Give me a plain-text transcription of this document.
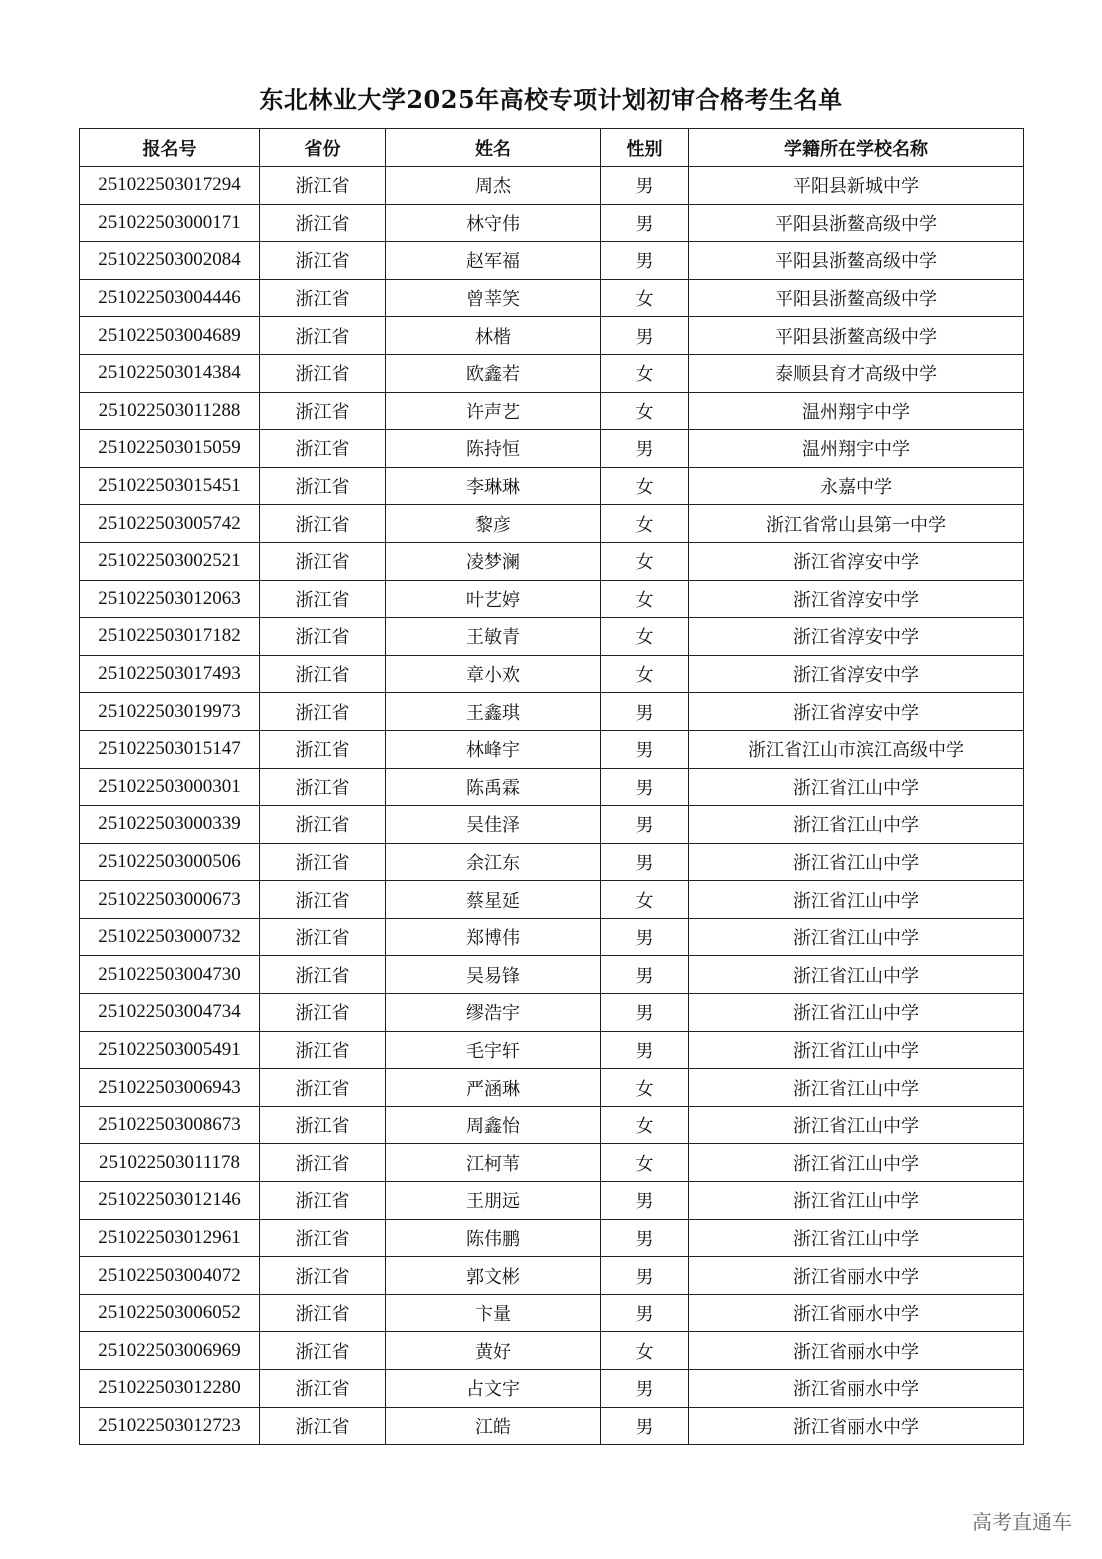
东北林业大学2025年高校专项计划初审合格考生名单
报名号	省份	姓名	性别	学籍所在学校名称
251022503017294	浙江省	周杰	男	平阳县新城中学
251022503000171	浙江省	林守伟	男	平阳县浙鳌高级中学
251022503002084	浙江省	赵军福	男	平阳县浙鳌高级中学
251022503004446	浙江省	曾莘笑	女	平阳县浙鳌高级中学
251022503004689	浙江省	林楷	男	平阳县浙鳌高级中学
251022503014384	浙江省	欧鑫若	女	泰顺县育才高级中学
251022503011288	浙江省	许声艺	女	温州翔宇中学
251022503015059	浙江省	陈持恒	男	温州翔宇中学
251022503015451	浙江省	李琳琳	女	永嘉中学
251022503005742	浙江省	黎彦	女	浙江省常山县第一中学
251022503002521	浙江省	凌梦澜	女	浙江省淳安中学
251022503012063	浙江省	叶艺婷	女	浙江省淳安中学
251022503017182	浙江省	王敏青	女	浙江省淳安中学
251022503017493	浙江省	章小欢	女	浙江省淳安中学
251022503019973	浙江省	王鑫琪	男	浙江省淳安中学
251022503015147	浙江省	林峰宇	男	浙江省江山市滨江高级中学
251022503000301	浙江省	陈禹霖	男	浙江省江山中学
251022503000339	浙江省	吴佳泽	男	浙江省江山中学
251022503000506	浙江省	余江东	男	浙江省江山中学
251022503000673	浙江省	蔡星延	女	浙江省江山中学
251022503000732	浙江省	郑博伟	男	浙江省江山中学
251022503004730	浙江省	吴易锋	男	浙江省江山中学
251022503004734	浙江省	缪浩宇	男	浙江省江山中学
251022503005491	浙江省	毛宇轩	男	浙江省江山中学
251022503006943	浙江省	严涵琳	女	浙江省江山中学
251022503008673	浙江省	周鑫怡	女	浙江省江山中学
251022503011178	浙江省	江柯苇	女	浙江省江山中学
251022503012146	浙江省	王朋远	男	浙江省江山中学
251022503012961	浙江省	陈伟鹏	男	浙江省江山中学
251022503004072	浙江省	郭文彬	男	浙江省丽水中学
251022503006052	浙江省	卞量	男	浙江省丽水中学
251022503006969	浙江省	黄好	女	浙江省丽水中学
251022503012280	浙江省	占文宇	男	浙江省丽水中学
251022503012723	浙江省	江皓	男	浙江省丽水中学
高考直通车
